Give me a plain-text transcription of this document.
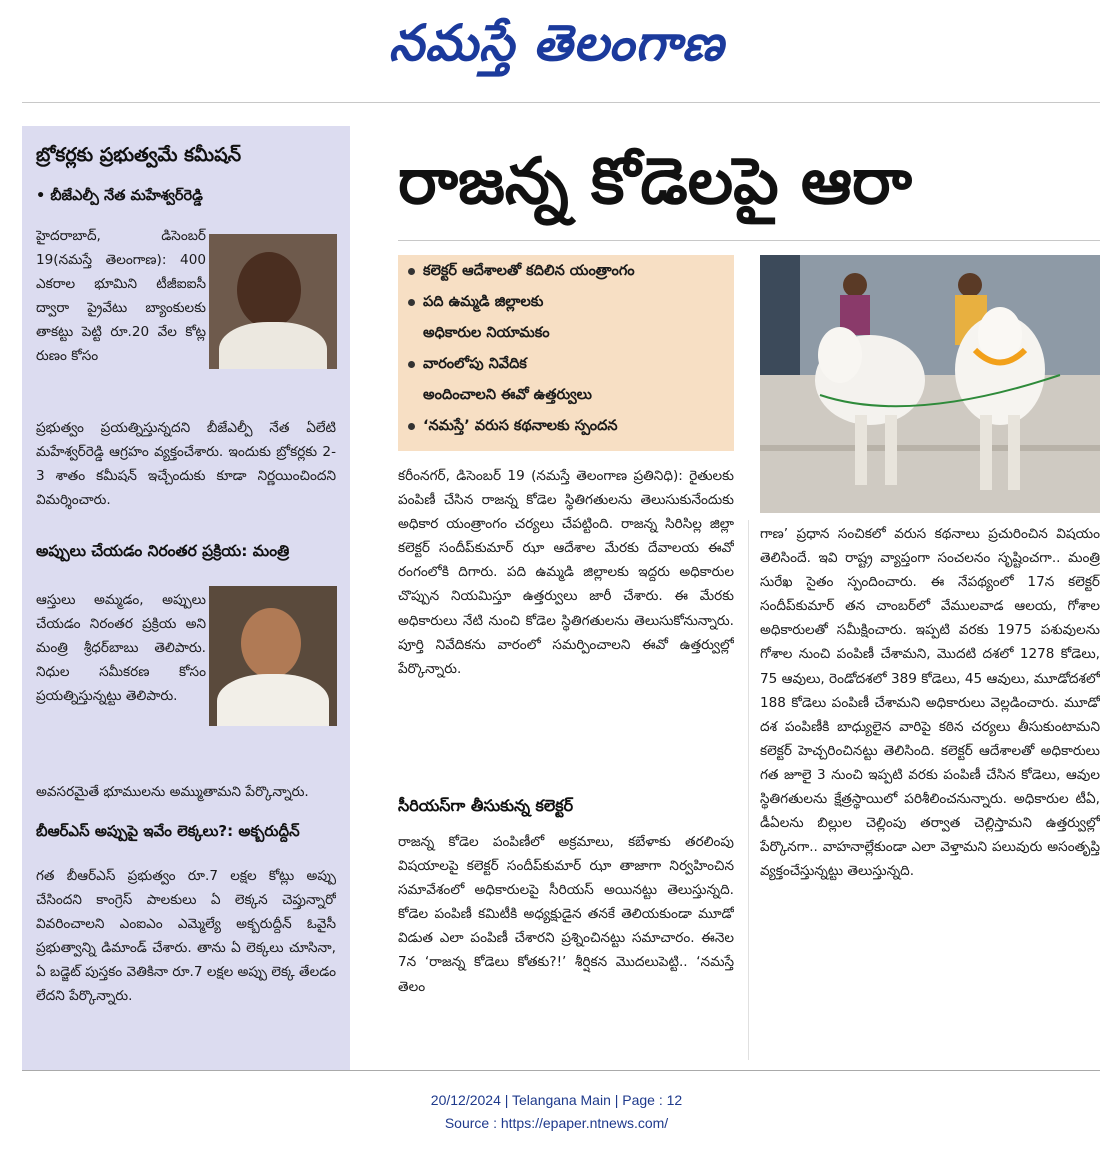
నమస్తే తెలంగాణ
బ్రోకర్లకు ప్రభుత్వమే కమీషన్
• బీజేఎల్పీ నేత మహేశ్వర్‌రెడ్డి
హైదరాబాద్, డిసెంబర్ 19(నమస్తే తెలంగాణ): 400 ఎకరాల భూమిని టీజీఐఐసీ ద్వారా ప్రైవేటు బ్యాంకులకు తాకట్టు పెట్టి రూ.20 వేల కోట్ల రుణం కోసం
ప్రభుత్వం ప్రయత్నిస్తున్నదని బీజేఎల్పీ నేత ఏలేటి మహేశ్వర్‌రెడ్డి ఆగ్రహం వ్యక్తంచేశారు. ఇందుకు బ్రోకర్లకు 2-3 శాతం కమీషన్ ఇచ్చేందుకు కూడా నిర్ణయించిందని విమర్శించారు.
అప్పులు చేయడం నిరంతర ప్రక్రియ: మంత్రి
ఆస్తులు అమ్మడం, అప్పులు చేయడం నిరంతర ప్రక్రియ అని మంత్రి శ్రీధర్‌బాబు తెలిపారు. నిధుల సమీకరణ కోసం ప్రయత్నిస్తున్నట్టు తెలిపారు.
అవసరమైతే భూములను అమ్ముతామని పేర్కొన్నారు.
బీఆర్ఎస్ అప్పుపై ఇవేం లెక్కలు?: అక్బరుద్దీన్
గత బీఆర్ఎస్ ప్రభుత్వం రూ.7 లక్షల కోట్లు అప్పు చేసిందని కాంగ్రెస్ పాలకులు ఏ లెక్కన చెప్తున్నారో వివరించాలని ఎంఐఎం ఎమ్మెల్యే అక్బరుద్దీన్ ఓవైసీ ప్రభుత్వాన్ని డిమాండ్ చేశారు. తాను ఏ లెక్కలు చూసినా, ఏ బడ్జెట్ పుస్తకం వెతికినా రూ.7 లక్షల అప్పు లెక్క తేలడం లేదని పేర్కొన్నారు.
రాజన్న కోడెలపై ఆరా
కలెక్టర్ ఆదేశాలతో కదిలిన యంత్రాంగం
పది ఉమ్మడి జిల్లాలకు
అధికారుల నియామకం
వారంలోపు నివేదిక
అందించాలని ఈవో ఉత్తర్వులు
‘నమస్తే’ వరుస కథనాలకు స్పందన
కరీంనగర్, డిసెంబర్ 19 (నమస్తే తెలంగాణ ప్రతినిధి): రైతులకు పంపిణీ చేసిన రాజన్న కోడెల స్థితిగతులను తెలుసుకునేందుకు అధికార యంత్రాంగం చర్యలు చేపట్టింది. రాజన్న సిరిసిల్ల జిల్లా కలెక్టర్ సందీప్‌కుమార్ ఝా ఆదేశాల మేరకు దేవాలయ ఈవో రంగంలోకి దిగారు. పది ఉమ్మడి జిల్లాలకు ఇద్దరు అధికారుల చొప్పున నియమిస్తూ ఉత్తర్వులు జారీ చేశారు. ఈ మేరకు అధికారులు నేటి నుంచి కోడెల స్థితిగతులను తెలుసుకోనున్నారు. పూర్తి నివేదికను వారంలో సమర్పించాలని ఈవో ఉత్తర్వుల్లో పేర్కొన్నారు.
సీరియస్‌గా తీసుకున్న కలెక్టర్
రాజన్న కోడెల పంపిణీలో అక్రమాలు, కబేళాకు తరలింపు విషయాలపై కలెక్టర్ సందీప్‌కుమార్ ఝా తాజాగా నిర్వహించిన సమావేశంలో అధికారులపై సీరియస్ అయినట్టు తెలుస్తున్నది. కోడెల పంపిణీ కమిటీకి అధ్యక్షుడైన తనకే తెలియకుండా మూడో విడుత ఎలా పంపిణీ చేశారని ప్రశ్నించినట్టు సమాచారం. ఈనెల 7న ‘రాజన్న కోడెలు కోతకు?!’ శీర్షికన మొదలుపెట్టి.. ‘నమస్తే తెలం
గాణ’ ప్రధాన సంచికలో వరుస కథనాలు ప్రచురించిన విషయం తెలిసిందే. ఇవి రాష్ట్ర వ్యాప్తంగా సంచలనం సృష్టించగా.. మంత్రి సురేఖ సైతం స్పందించారు. ఈ నేపథ్యంలో 17న కలెక్టర్ సందీప్‌కుమార్ తన చాంబర్‌లో వేములవాడ ఆలయ, గోశాల అధికారులతో సమీక్షించారు. ఇప్పటి వరకు 1975 పశువులను గోశాల నుంచి పంపిణీ చేశామని, మొదటి దశలో 1278 కోడెలు, 75 ఆవులు, రెండోదశలో 389 కోడెలు, 45 ఆవులు, మూడోదశలో 188 కోడెలు పంపిణీ చేశామని అధికారులు వెల్లడించారు. మూడో దశ పంపిణీకి బాధ్యులైన వారిపై కఠిన చర్యలు తీసుకుంటామని కలెక్టర్ హెచ్చరించినట్టు తెలిసింది. కలెక్టర్ ఆదేశాలతో అధికారులు గత జూలై 3 నుంచి ఇప్పటి వరకు పంపిణీ చేసిన కోడెలు, ఆవుల స్థితిగతులను క్షేత్రస్థాయిలో పరిశీలించనున్నారు. అధికారుల టీఏ, డీఏలను బిల్లుల చెల్లింపు తర్వాత చెల్లిస్తామని ఉత్తర్వుల్లో పేర్కొనగా.. వాహనాల్లేకుండా ఎలా వెళ్తామని పలువురు అసంతృప్తి వ్యక్తంచేస్తున్నట్టు తెలుస్తున్నది.
20/12/2024 | Telangana Main | Page : 12
Source : https://epaper.ntnews.com/
